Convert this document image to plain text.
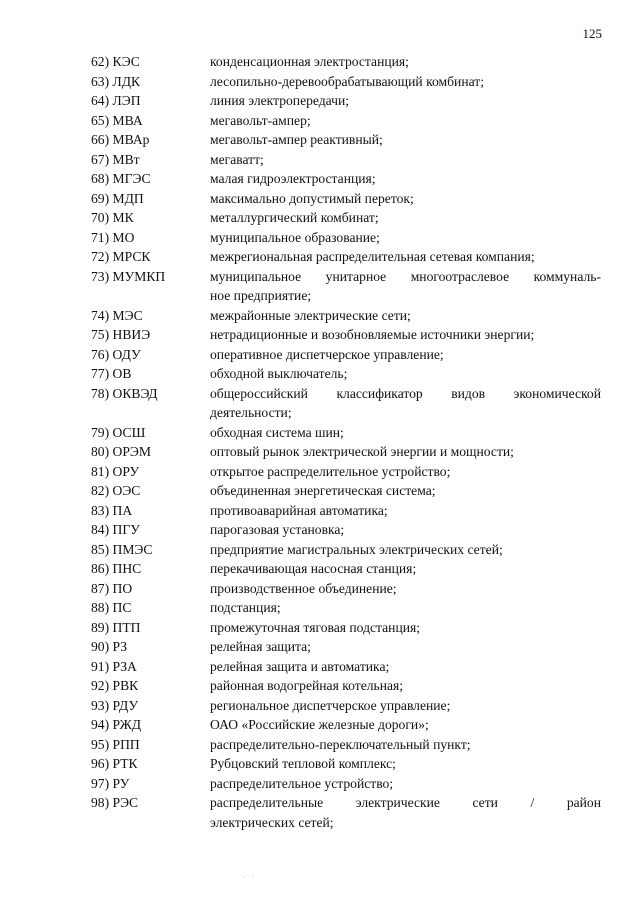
125
62) КЭС	конденсационная электростанция;
63) ЛДК	лесопильно-деревообрабатывающий комбинат;
64) ЛЭП	линия электропередачи;
65) МВА	мегавольт-ампер;
66) МВАр	мегавольт-ампер реактивный;
67) МВт	мегаватт;
68) МГЭС	малая гидроэлектростанция;
69) МДП	максимально допустимый переток;
70) МК	металлургический комбинат;
71) МО	муниципальное образование;
72) МРСК	межрегиональная распределительная сетевая компания;
73) МУМКП	муниципальное унитарное многоотраслевое коммуналь-
ное предприятие;
74) МЭС	межрайонные электрические сети;
75) НВИЭ	нетрадиционные и возобновляемые источники энергии;
76) ОДУ	оперативное диспетчерское управление;
77) ОВ	обходной выключатель;
78) ОКВЭД	общероссийский классификатор видов экономической
деятельности;
79) ОСШ	обходная система шин;
80) ОРЭМ	оптовый рынок электрической энергии и мощности;
81) ОРУ	открытое распределительное устройство;
82) ОЭС	объединенная энергетическая система;
83) ПА	противоаварийная автоматика;
84) ПГУ	парогазовая установка;
85) ПМЭС	предприятие магистральных электрических сетей;
86) ПНС	перекачивающая насосная станция;
87) ПО	производственное объединение;
88) ПС	подстанция;
89) ПТП	промежуточная тяговая подстанция;
90) РЗ	релейная защита;
91) РЗА	релейная защита и автоматика;
92) РВК	районная водогрейная котельная;
93) РДУ	региональное диспетчерское управление;
94) РЖД	ОАО «Российские железные дороги»;
95) РПП	распределительно-переключательный пункт;
96) РТК	Рубцовский тепловой комплекс;
97) РУ	распределительное устройство;
98) РЭС	распределительные электрические сети / район
электрических сетей;
· ˙ ·
